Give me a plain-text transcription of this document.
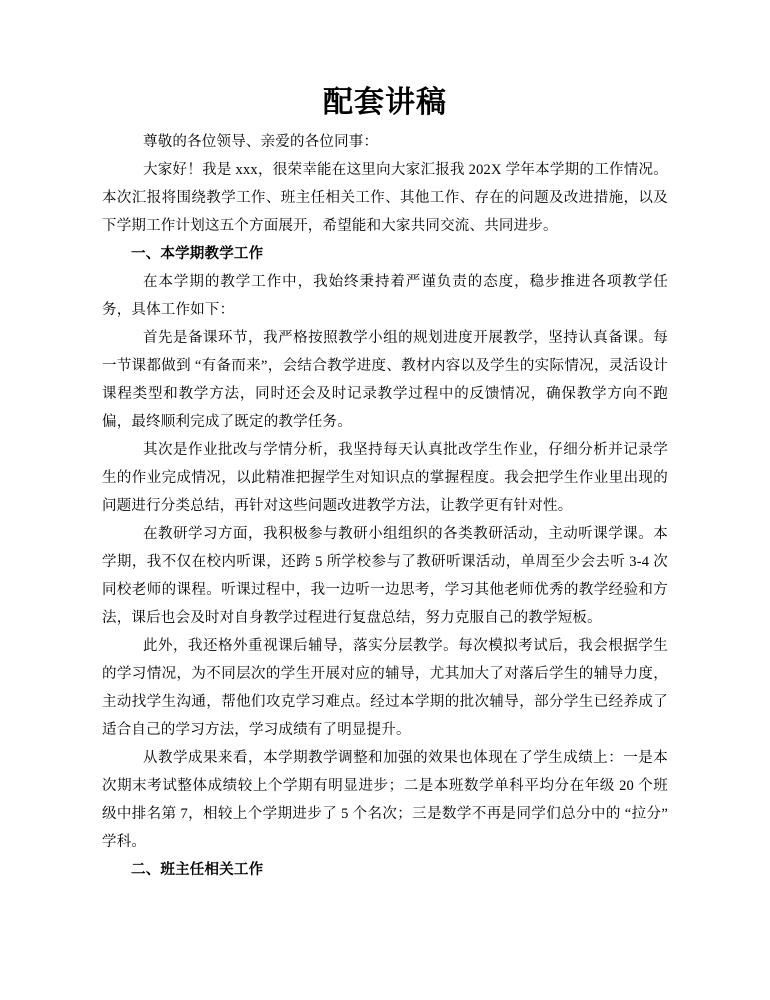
配套讲稿

尊敬的各位领导、亲爱的各位同事：

大家好！我是 xxx，很荣幸能在这里向大家汇报我 202X 学年本学期的工作情况。本次汇报将围绕教学工作、班主任相关工作、其他工作、存在的问题及改进措施，以及下学期工作计划这五个方面展开，希望能和大家共同交流、共同进步。

一、本学期教学工作

在本学期的教学工作中，我始终秉持着严谨负责的态度，稳步推进各项教学任务，具体工作如下：

首先是备课环节，我严格按照教学小组的规划进度开展教学，坚持认真备课。每一节课都做到 “有备而来”，会结合教学进度、教材内容以及学生的实际情况，灵活设计课程类型和教学方法，同时还会及时记录教学过程中的反馈情况，确保教学方向不跑偏，最终顺利完成了既定的教学任务。

其次是作业批改与学情分析，我坚持每天认真批改学生作业，仔细分析并记录学生的作业完成情况，以此精准把握学生对知识点的掌握程度。我会把学生作业里出现的问题进行分类总结，再针对这些问题改进教学方法，让教学更有针对性。

在教研学习方面，我积极参与教研小组组织的各类教研活动，主动听课学课。本学期，我不仅在校内听课，还跨 5 所学校参与了教研听课活动，单周至少会去听 3-4 次同校老师的课程。听课过程中，我一边听一边思考，学习其他老师优秀的教学经验和方法，课后也会及时对自身教学过程进行复盘总结，努力克服自己的教学短板。

此外，我还格外重视课后辅导，落实分层教学。每次模拟考试后，我会根据学生的学习情况，为不同层次的学生开展对应的辅导，尤其加大了对落后学生的辅导力度，主动找学生沟通，帮他们攻克学习难点。经过本学期的批次辅导，部分学生已经养成了适合自己的学习方法，学习成绩有了明显提升。

从教学成果来看，本学期教学调整和加强的效果也体现在了学生成绩上：一是本次期末考试整体成绩较上个学期有明显进步；二是本班数学单科平均分在年级 20 个班级中排名第 7，相较上个学期进步了 5 个名次；三是数学不再是同学们总分中的 “拉分” 学科。

二、班主任相关工作
